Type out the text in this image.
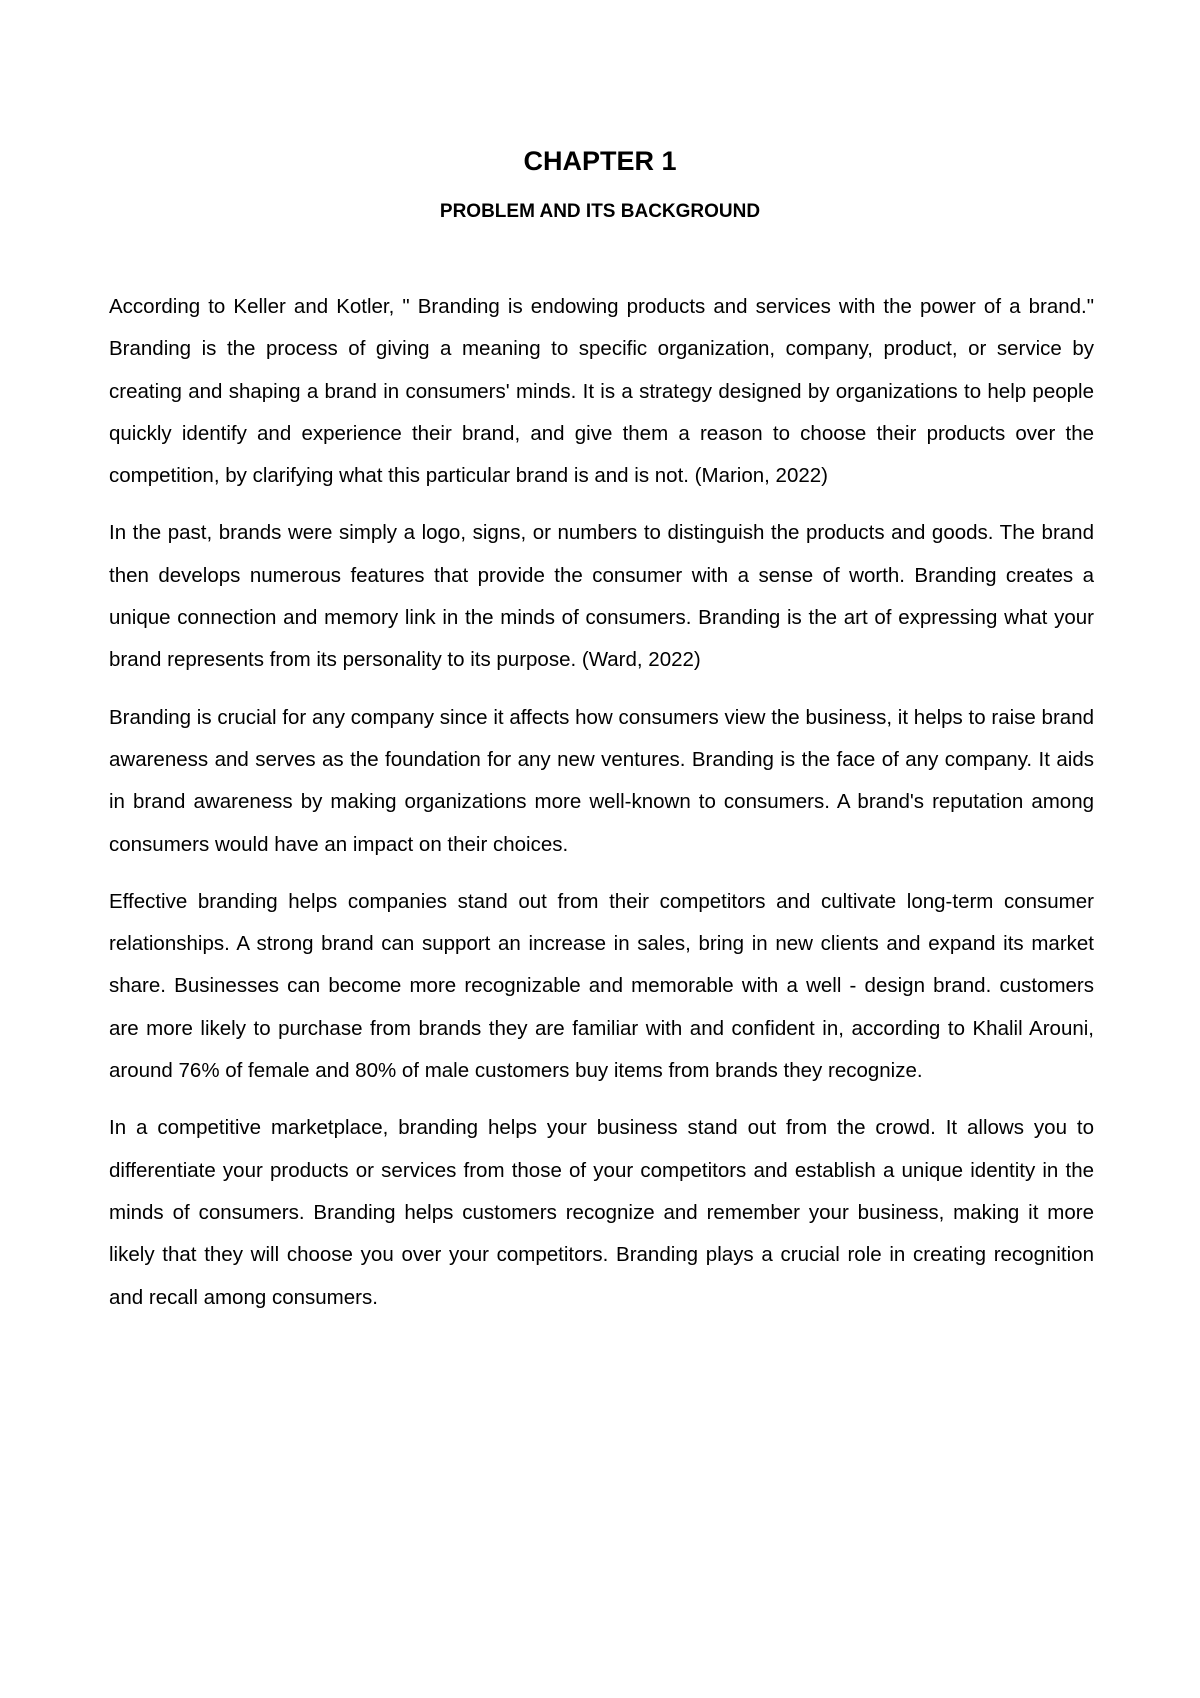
CHAPTER 1
PROBLEM AND ITS BACKGROUND

According to Keller and Kotler, " Branding is endowing products and services with the power of a brand." Branding is the process of giving a meaning to specific organization, company, product, or service by creating and shaping a brand in consumers' minds. It is a strategy designed by organizations to help people quickly identify and experience their brand, and give them a reason to choose their products over the competition, by clarifying what this particular brand is and is not. (Marion, 2022)

In the past, brands were simply a logo, signs, or numbers to distinguish the products and goods. The brand then develops numerous features that provide the consumer with a sense of worth. Branding creates a unique connection and memory link in the minds of consumers. Branding is the art of expressing what your brand represents from its personality to its purpose. (Ward, 2022)

Branding is crucial for any company since it affects how consumers view the business, it helps to raise brand awareness and serves as the foundation for any new ventures. Branding is the face of any company. It aids in brand awareness by making organizations more well-known to consumers. A brand's reputation among consumers would have an impact on their choices.

Effective branding helps companies stand out from their competitors and cultivate long-term consumer relationships. A strong brand can support an increase in sales, bring in new clients and expand its market share. Businesses can become more recognizable and memorable with a well - design brand. customers are more likely to purchase from brands they are familiar with and confident in, according to Khalil Arouni, around 76% of female and 80% of male customers buy items from brands they recognize.

In a competitive marketplace, branding helps your business stand out from the crowd. It allows you to differentiate your products or services from those of your competitors and establish a unique identity in the minds of consumers. Branding helps customers recognize and remember your business, making it more likely that they will choose you over your competitors. Branding plays a crucial role in creating recognition and recall among consumers.
